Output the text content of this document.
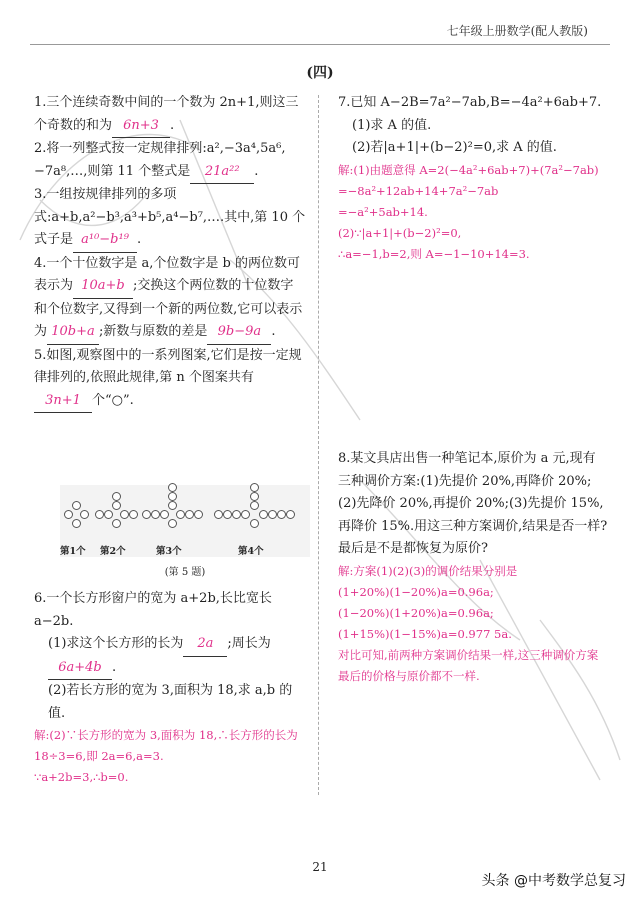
七年级上册数学(配人教版)
(四)

1.三个连续奇数中间的一个数为 2n+1,则这三个奇数的和为 6n+3 .

2.将一列整式按一定规律排列:a²,−3a⁴,5a⁶,−7a⁸,…,则第 11 个整式是 21a²² .

3.一组按规律排列的多项式:a+b,a²−b³,a³+b⁵,a⁴−b⁷,….其中,第 10 个式子是 a¹⁰−b¹⁹ .

4.一个十位数字是 a,个位数字是 b 的两位数可表示为 10a+b ;交换这个两位数的十位数字和个位数字,又得到一个新的两位数,它可以表示为 10b+a ;新数与原数的差是 9b−9a .

5.如图,观察图中的一系列图案,它们是按一定规律排列的,依照此规律,第 n 个图案共有3n+1 个“○”.

第1个 第2个	第3个	第4个
(第 5 题)

6.一个长方形窗户的宽为 a+2b,长比宽长a−2b.

(1)求这个长方形的长为 2a ;周长为6a+4b .

(2)若长方形的宽为 3,面积为 18,求 a,b 的值.

解:(2)∵长方形的宽为 3,面积为 18,∴长方形的长为 18÷3=6,即 2a=6,a=3.
∵a+2b=3,∴b=0.

7.已知 A−2B=7a²−7ab,B=−4a²+6ab+7.

(1)求 A 的值.

(2)若|a+1|+(b−2)²=0,求 A 的值.

解:(1)由题意得 A=2(−4a²+6ab+7)+(7a²−7ab)
=−8a²+12ab+14+7a²−7ab
=−a²+5ab+14.
(2)∵|a+1|+(b−2)²=0,
∴a=−1,b=2,则 A=−1−10+14=3.

8.某文具店出售一种笔记本,原价为 a 元,现有三种调价方案:(1)先提价 20%,再降价 20%;(2)先降价 20%,再提价 20%;(3)先提价 15%,再降价 15%.用这三种方案调价,结果是否一样?最后是不是都恢复为原价?

解:方案(1)(2)(3)的调价结果分别是
(1+20%)(1−20%)a=0.96a;
(1−20%)(1+20%)a=0.96a;
(1+15%)(1−15%)a=0.977 5a.
对比可知,前两种方案调价结果一样,这三种调价方案最后的价格与原价都不一样.
21
头条 @中考数学总复习
